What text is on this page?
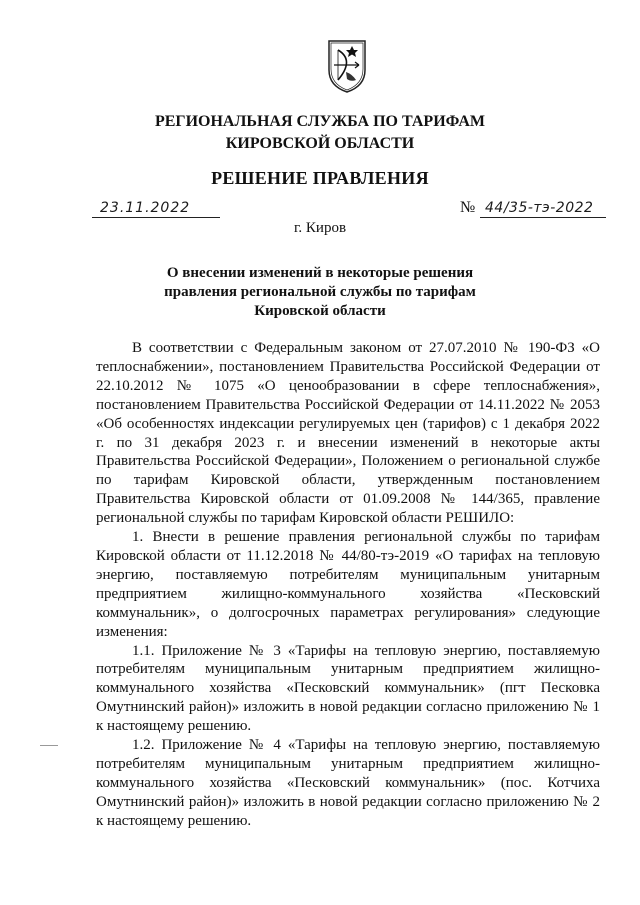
РЕГИОНАЛЬНАЯ СЛУЖБА ПО ТАРИФАМ
КИРОВСКОЙ ОБЛАСТИ
РЕШЕНИЕ ПРАВЛЕНИЯ
23.11.2022	№ 44/35-тэ-2022
г. Киров
О внесении изменений в некоторые решения
правления региональной службы по тарифам
Кировской области

В соответствии с Федеральным законом от 27.07.2010 № 190-ФЗ «О теплоснабжении», постановлением Правительства Российской Федерации от 22.10.2012 № 1075 «О ценообразовании в сфере теплоснабжения», постановлением Правительства Российской Федерации от 14.11.2022 № 2053 «Об особенностях индексации регулируемых цен (тарифов) с 1 декабря 2022 г. по 31 декабря 2023 г. и внесении изменений в некоторые акты Правительства Российской Федерации», Положением о региональной службе по тарифам Кировской области, утвержденным постановлением Правительства Кировской области от 01.09.2008 № 144/365, правление региональной службы по тарифам Кировской области РЕШИЛО:

1. Внести в решение правления региональной службы по тарифам Кировской области от 11.12.2018 № 44/80-тэ-2019 «О тарифах на тепловую энергию, поставляемую потребителям муниципальным унитарным предприятием жилищно-коммунального хозяйства «Песковский коммунальник», о долгосрочных параметрах регулирования» следующие изменения:

1.1. Приложение № 3 «Тарифы на тепловую энергию, поставляемую потребителям муниципальным унитарным предприятием жилищно-коммунального хозяйства «Песковский коммунальник» (пгт Песковка Омутнинский район)» изложить в новой редакции согласно приложению № 1 к настоящему решению.

1.2. Приложение № 4 «Тарифы на тепловую энергию, поставляемую потребителям муниципальным унитарным предприятием жилищно-коммунального хозяйства «Песковский коммунальник» (пос. Котчиха Омутнинский район)» изложить в новой редакции согласно приложению № 2 к настоящему решению.
